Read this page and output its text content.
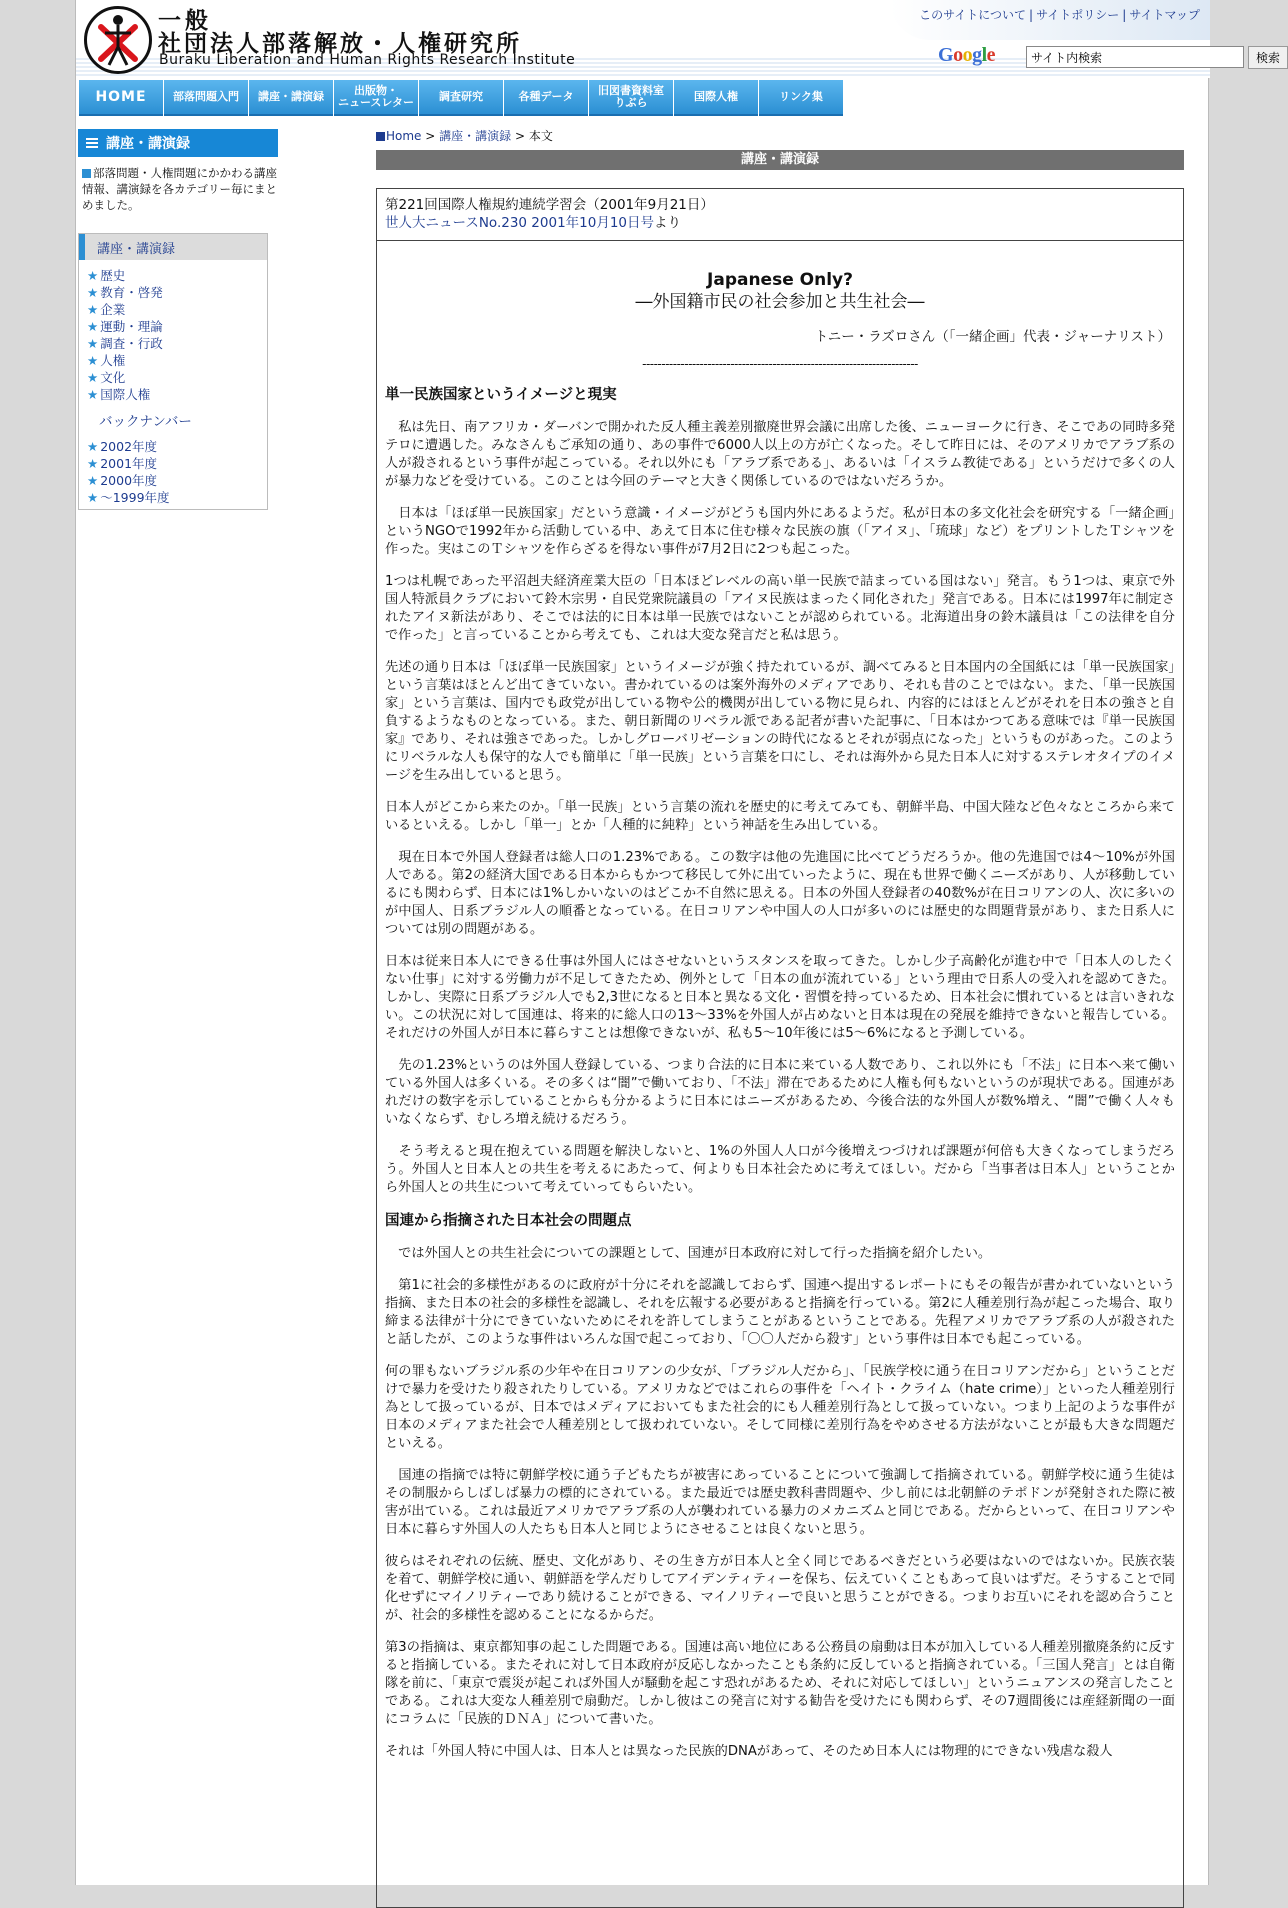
一般
社団法人部落解放・人権研究所
Buraku Liberation and Human Rights Research Institute
このサイトについて | サイトポリシー | サイトマップ
Google
サイト内検索	検索
HOME	部落問題入門	講座・講演録	出版物・
ニュースレター	調査研究	各種データ	旧図書資料室
りぶら	国際人権	リンク集
講座・講演録
部落問題・人権問題にかかわる講座情報、講演録を各カテゴリー毎にまとめました。
講座・講演録
★ 歴史
★ 教育・啓発
★ 企業
★ 運動・理論
★ 調査・行政
★ 人権
★ 文化
★ 国際人権
バックナンバー
★ 2002年度
★ 2001年度
★ 2000年度
★ ～1999年度
Home > 講座・講演録 > 本文
講座・講演録
第221回国際人権規約連続学習会（2001年9月21日）
世人大ニュースNo.230 2001年10月10日号より
Japanese Only?
―外国籍市民の社会参加と共生社会―
トニー・ラズロさん（「一緒企画」代表・ジャーナリスト）
------------------------------------------------------------------------
単一民族国家というイメージと現実

　私は先日、南アフリカ・ダーバンで開かれた反人種主義差別撤廃世界会議に出席した後、ニューヨークに行き、そこであの同時多発テロに遭遇した。みなさんもご承知の通り、あの事件で6000人以上の方が亡くなった。そして昨日には、そのアメリカでアラブ系の人が殺されるという事件が起こっている。それ以外にも「アラブ系である」、あるいは「イスラム教徒である」というだけで多くの人が暴力などを受けている。このことは今回のテーマと大きく関係しているのではないだろうか。

　日本は「ほぼ単一民族国家」だという意識・イメージがどうも国内外にあるようだ。私が日本の多文化社会を研究する「一緒企画」というNGOで1992年から活動している中、あえて日本に住む様々な民族の旗（「アイヌ」、「琉球」など）をプリントしたＴシャツを作った。実はこのＴシャツを作らざるを得ない事件が7月2日に2つも起こった。

1つは札幌であった平沼赳夫経済産業大臣の「日本ほどレベルの高い単一民族で詰まっている国はない」発言。もう1つは、東京で外国人特派員クラブにおいて鈴木宗男・自民党衆院議員の「アイヌ民族はまったく同化された」発言である。日本には1997年に制定されたアイヌ新法があり、そこでは法的に日本は単一民族ではないことが認められている。北海道出身の鈴木議員は「この法律を自分で作った」と言っていることから考えても、これは大変な発言だと私は思う。

先述の通り日本は「ほぼ単一民族国家」というイメージが強く持たれているが、調べてみると日本国内の全国紙には「単一民族国家」という言葉はほとんど出てきていない。書かれているのは案外海外のメディアであり、それも昔のことではない。また、「単一民族国家」という言葉は、国内でも政党が出している物や公的機関が出している物に見られ、内容的にはほとんどがそれを日本の強さと自負するようなものとなっている。また、朝日新聞のリベラル派である記者が書いた記事に、「日本はかつてある意味では『単一民族国家』であり、それは強さであった。しかしグローバリゼーションの時代になるとそれが弱点になった」というものがあった。このようにリベラルな人も保守的な人でも簡単に「単一民族」という言葉を口にし、それは海外から見た日本人に対するステレオタイプのイメージを生み出していると思う。

日本人がどこから来たのか。「単一民族」という言葉の流れを歴史的に考えてみても、朝鮮半島、中国大陸など色々なところから来ているといえる。しかし「単一」とか「人種的に純粋」という神話を生み出している。

　現在日本で外国人登録者は総人口の1.23%である。この数字は他の先進国に比べてどうだろうか。他の先進国では4〜10%が外国人である。第2の経済大国である日本からもかつて移民して外に出ていったように、現在も世界で働くニーズがあり、人が移動しているにも関わらず、日本には1%しかいないのはどこか不自然に思える。日本の外国人登録者の40数%が在日コリアンの人、次に多いのが中国人、日系ブラジル人の順番となっている。在日コリアンや中国人の人口が多いのには歴史的な問題背景があり、また日系人については別の問題がある。

日本は従来日本人にできる仕事は外国人にはさせないというスタンスを取ってきた。しかし少子高齢化が進む中で「日本人のしたくない仕事」に対する労働力が不足してきたため、例外として「日本の血が流れている」という理由で日系人の受入れを認めてきた。しかし、実際に日系ブラジル人でも2,3世になると日本と異なる文化・習慣を持っているため、日本社会に慣れているとは言いきれない。この状況に対して国連は、将来的に総人口の13〜33%を外国人が占めないと日本は現在の発展を維持できないと報告している。それだけの外国人が日本に暮らすことは想像できないが、私も5〜10年後には5〜6%になると予測している。

　先の1.23%というのは外国人登録している、つまり合法的に日本に来ている人数であり、これ以外にも「不法」に日本へ来て働いている外国人は多くいる。その多くは“闇”で働いており、「不法」滞在であるために人権も何もないというのが現状である。国連があれだけの数字を示していることからも分かるように日本にはニーズがあるため、今後合法的な外国人が数%増え、“闇”で働く人々もいなくならず、むしろ増え続けるだろう。

　そう考えると現在抱えている問題を解決しないと、1%の外国人人口が今後増えつづければ課題が何倍も大きくなってしまうだろう。外国人と日本人との共生を考えるにあたって、何よりも日本社会ために考えてほしい。だから「当事者は日本人」ということから外国人との共生について考えていってもらいたい。

国連から指摘された日本社会の問題点

　では外国人との共生社会についての課題として、国連が日本政府に対して行った指摘を紹介したい。

　第1に社会的多様性があるのに政府が十分にそれを認識しておらず、国連へ提出するレポートにもその報告が書かれていないという指摘、また日本の社会的多様性を認識し、それを広報する必要があると指摘を行っている。第2に人種差別行為が起こった場合、取り締まる法律が十分にできていないためにそれを許してしまうことがあるということである。先程アメリカでアラブ系の人が殺されたと話したが、このような事件はいろんな国で起こっており、「〇〇人だから殺す」という事件は日本でも起こっている。

何の罪もないブラジル系の少年や在日コリアンの少女が、「ブラジル人だから」、「民族学校に通う在日コリアンだから」ということだけで暴力を受けたり殺されたりしている。アメリカなどではこれらの事件を「ヘイト・クライム（hate crime）」といった人種差別行為として扱っているが、日本ではメディアにおいてもまた社会的にも人種差別行為として扱っていない。つまり上記のような事件が日本のメディアまた社会で人種差別として扱われていない。そして同様に差別行為をやめさせる方法がないことが最も大きな問題だといえる。

　国連の指摘では特に朝鮮学校に通う子どもたちが被害にあっていることについて強調して指摘されている。朝鮮学校に通う生徒はその制服からしばしば暴力の標的にされている。また最近では歴史教科書問題や、少し前には北朝鮮のテポドンが発射された際に被害が出ている。これは最近アメリカでアラブ系の人が襲われている暴力のメカニズムと同じである。だからといって、在日コリアンや日本に暮らす外国人の人たちも日本人と同じようにさせることは良くないと思う。

彼らはそれぞれの伝統、歴史、文化があり、その生き方が日本人と全く同じであるべきだという必要はないのではないか。民族衣装を着て、朝鮮学校に通い、朝鮮語を学んだりしてアイデンティティーを保ち、伝えていくこともあって良いはずだ。そうすることで同化せずにマイノリティーであり続けることができる、マイノリティーで良いと思うことができる。つまりお互いにそれを認め合うことが、社会的多様性を認めることになるからだ。

第3の指摘は、東京都知事の起こした問題である。国連は高い地位にある公務員の扇動は日本が加入している人種差別撤廃条約に反すると指摘している。またそれに対して日本政府が反応しなかったことも条約に反していると指摘されている。「三国人発言」とは自衛隊を前に、「東京で震災が起これば外国人が騒動を起こす恐れがあるため、それに対応してほしい」というニュアンスの発言したことである。これは大変な人種差別で扇動だ。しかし彼はこの発言に対する勧告を受けたにも関わらず、その7週間後には産経新聞の一面にコラムに「民族的ＤＮＡ」について書いた。

それは「外国人特に中国人は、日本人とは異なった民族的DNAがあって、そのため日本人には物理的にできない残虐な殺人
